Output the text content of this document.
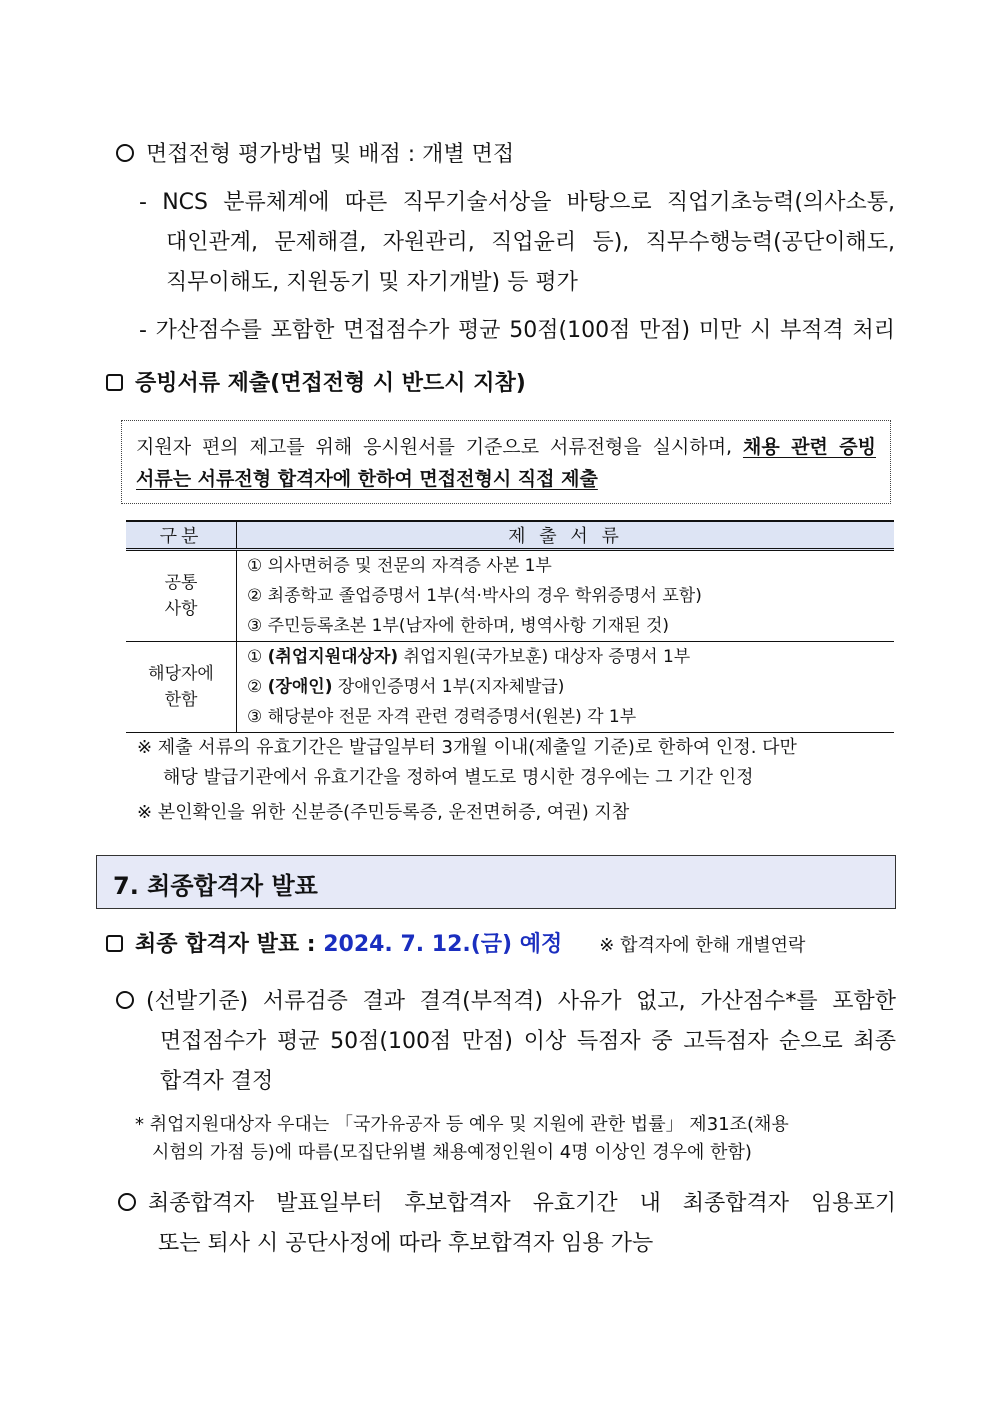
면접전형 평가방법 및 배점 : 개별 면접
- NCS 분류체계에 따른 직무기술서상을 바탕으로 직업기초능력(의사소통,
대인관계, 문제해결, 자원관리, 직업윤리 등), 직무수행능력(공단이해도,
직무이해도, 지원동기 및 자기개발) 등 평가
- 가산점수를 포함한 면접점수가 평균 50점(100점 만점) 미만 시 부적격 처리
증빙서류 제출(면접전형 시 반드시 지참)

지원자 편의 제고를 위해 응시원서를 기준으로 서류전형을 실시하며, 채용 관련 증빙

서류는 서류전형 합격자에 한하여 면접전형시 직접 제출

구분	제 출 서 류
공통
사항	① 의사면허증 및 전문의 자격증 사본 1부
	② 최종학교 졸업증명서 1부(석·박사의 경우 학위증명서 포함)
	③ 주민등록초본 1부(남자에 한하며, 병역사항 기재된 것)
해당자에
한함	① (취업지원대상자) 취업지원(국가보훈) 대상자 증명서 1부
	② (장애인) 장애인증명서 1부(지자체발급)
	③ 해당분야 전문 자격 관련 경력증명서(원본) 각 1부
※ 제출 서류의 유효기간은 발급일부터 3개월 이내(제출일 기준)로 한하여 인정. 다만
해당 발급기관에서 유효기간을 정하여 별도로 명시한 경우에는 그 기간 인정
※ 본인확인을 위한 신분증(주민등록증, 운전면허증, 여권) 지참
7. 최종합격자 발표
최종 합격자 발표 : 2024. 7. 12.(금) 예정 ※ 합격자에 한해 개별연락
(선발기준) 서류검증 결과 결격(부적격) 사유가 없고, 가산점수*를 포함한
면접점수가 평균 50점(100점 만점) 이상 득점자 중 고득점자 순으로 최종
합격자 결정
* 취업지원대상자 우대는 「국가유공자 등 예우 및 지원에 관한 법률」 제31조(채용
시험의 가점 등)에 따름(모집단위별 채용예정인원이 4명 이상인 경우에 한함)
최종합격자 발표일부터 후보합격자 유효기간 내 최종합격자 임용포기
또는 퇴사 시 공단사정에 따라 후보합격자 임용 가능
